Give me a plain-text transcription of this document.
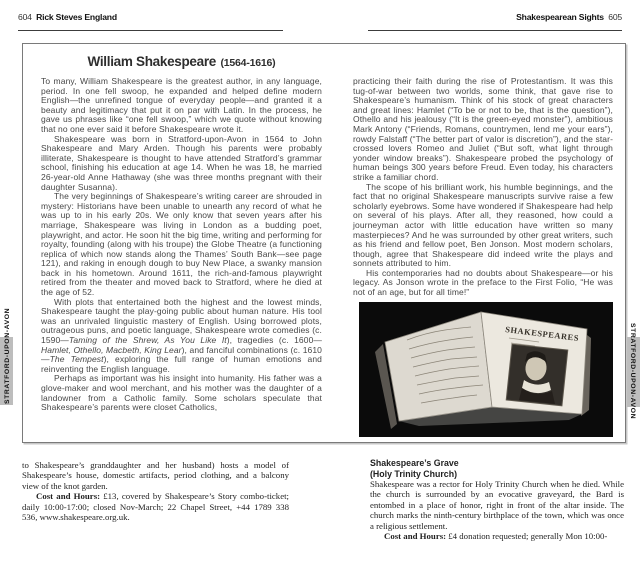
604 Rick Steves England	Shakespearean Sights 605
William Shakespeare (1564-1616)

To many, William Shakespeare is the greatest author, in any language, period. In one fell swoop, he expanded and helped define modern English—the unrefined tongue of everyday people—and granted it a beauty and legitimacy that put it on par with Latin. In the process, he gave us phrases like “one fell swoop,” which we quote without knowing that no one ever said it before Shakespeare wrote it.

Shakespeare was born in Stratford-upon-Avon in 1564 to John Shakespeare and Mary Arden. Though his parents were probably illiterate, Shakespeare is thought to have attended Stratford’s grammar school, finishing his education at age 14. When he was 18, he married 26-year-old Anne Hathaway (she was three months pregnant with their daughter Susanna).

The very beginnings of Shakespeare’s writing career are shrouded in mystery: Historians have been unable to unearth any record of what he was up to in his early 20s. We only know that seven years after his marriage, Shakespeare was living in London as a budding poet, playwright, and actor. He soon hit the big time, writing and performing for royalty, founding (along with his troupe) the Globe Theatre (a functioning replica of which now stands along the Thames’ South Bank—see page 121), and raking in enough dough to buy New Place, a swanky mansion back in his hometown. Around 1611, the rich-and-famous playwright retired from the theater and moved back to Stratford, where he died at the age of 52.

With plots that entertained both the highest and the lowest minds, Shakespeare taught the play-going public about human nature. His tool was an unrivaled linguistic mastery of English. Using borrowed plots, outrageous puns, and poetic language, Shakespeare wrote comedies (c. 1590—Taming of the Shrew, As You Like It), tragedies (c. 1600—Hamlet, Othello, Macbeth, King Lear), and fanciful combinations (c. 1610—The Tempest), exploring the full range of human emotions and reinventing the English language.

Perhaps as important was his insight into humanity. His father was a glove-maker and wool merchant, and his mother was the daughter of a landowner from a Catholic family. Some scholars speculate that Shakespeare’s parents were closet Catholics,

practicing their faith during the rise of Protestantism. It was this tug-of-war between two worlds, some think, that gave rise to Shakespeare’s humanism. Think of his stock of great characters and great lines: Hamlet (“To be or not to be, that is the question”), Othello and his jealousy (“It is the green-eyed monster”), ambitious Mark Antony (“Friends, Romans, countrymen, lend me your ears”), rowdy Falstaff (“The better part of valor is discretion”), and the star-crossed lovers Romeo and Juliet (“But soft, what light through yonder window breaks”). Shakespeare probed the psychology of human beings 300 years before Freud. Even today, his characters strike a familiar chord.

The scope of his brilliant work, his humble beginnings, and the fact that no original Shakespeare manuscripts survive raise a few scholarly eyebrows. Some have wondered if Shakespeare had help on several of his plays. After all, they reasoned, how could a journeyman actor with little education have written so many masterpieces? And he was surrounded by other great writers, such as his friend and fellow poet, Ben Jonson. Most modern scholars, though, agree that Shakespeare did indeed write the plays and sonnets attributed to him.

His contemporaries had no doubts about Shakespeare—or his legacy. As Jonson wrote in the preface to the First Folio, “He was not of an age, but for all time!”

SHAKESPEARES

to Shakespeare’s granddaughter and her husband) hosts a model of Shakespeare’s house, domestic artifacts, period clothing, and a balcony view of the knot garden.

Cost and Hours: £13, covered by Shakespeare’s Story combo-ticket; daily 10:00-17:00; closed Nov-March; 22 Chapel Street, +44 1789 338 536, www.shakespeare.org.uk.

Shakespeare’s Grave

(Holy Trinity Church)

Shakespeare was a rector for Holy Trinity Church when he died. While the church is surrounded by an evocative graveyard, the Bard is entombed in a place of honor, right in front of the altar inside. The church marks the ninth-century birthplace of the town, which was once a religious settlement.

Cost and Hours: £4 donation requested; generally Mon 10:00-

STRATFORD-UPON-AVON	STRATFORD-UPON-AVON
